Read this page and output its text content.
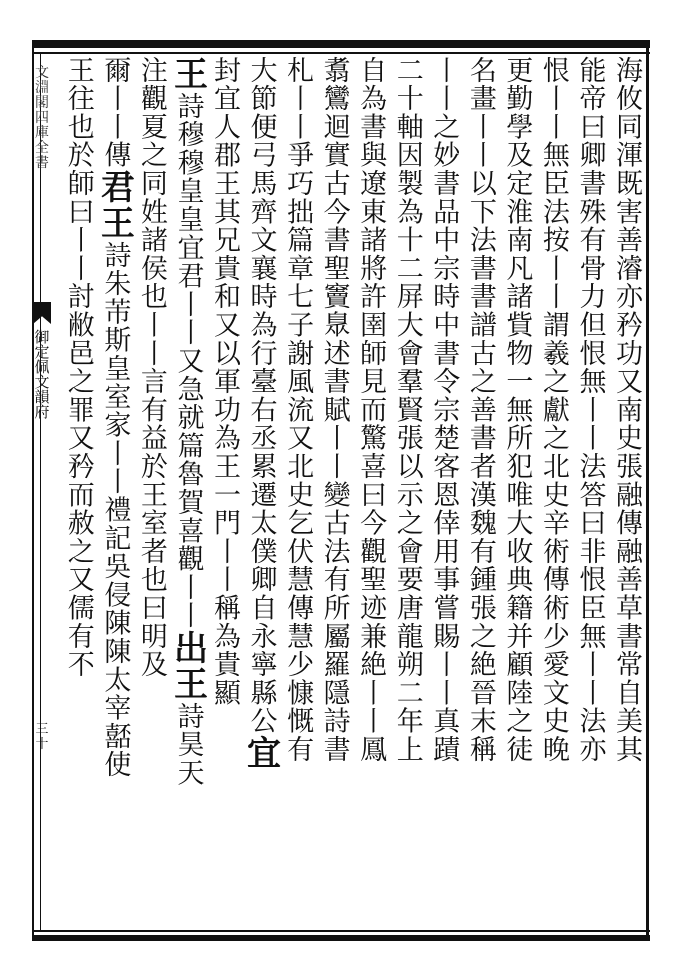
文
淵
閣
四
庫
全
書
御
定
佩
文
韻
府
三
十	海攸同渾既害善濬亦矜功又南史張融傳融善草書常自美其
能帝曰卿書殊有骨力但恨無丨丨法答曰非恨臣無丨丨法亦
恨丨丨無臣法按丨丨謂羲之獻之北史辛術傳術少愛文史晚
更勤學及定淮南凡諸貲物一無所犯唯大收典籍并顧陸之徒
名畫丨丨以下法書書譜古之善書者漢魏有鍾張之絶晉末稱
丨丨之妙書品中宗時中書令宗楚客恩倖用事嘗賜丨丨真蹟
二十軸因製為十二屏大會羣賢張以示之會要唐龍朔二年上
自為書與遼東諸將許圉師見而驚喜曰今觀聖迹兼絶丨丨鳳
翥鸞迴實古今書聖竇臮述書賦丨丨變古法有所屬羅隱詩書
札丨丨爭巧拙篇章七子謝風流又北史乞伏慧傳慧少慷慨有
大節便弓馬齊文襄時為行臺右丞累遷太僕卿自永寧縣公
宜
封宜人郡王其兄貴和又以軍功為王一門丨丨稱為貴顯
王
詩穆穆皇皇宜君丨丨又急就篇魯賀喜觀丨丨
出王
詩昊天
注觀夏之同姓諸侯也丨丨言有益於王室者也曰明及
爾丨丨傳
君王
詩朱芾斯皇室家丨丨禮記吳侵陳陳太宰嚭使
王往也於師曰丨丨討敝邑之罪又矜而赦之又儒有不
